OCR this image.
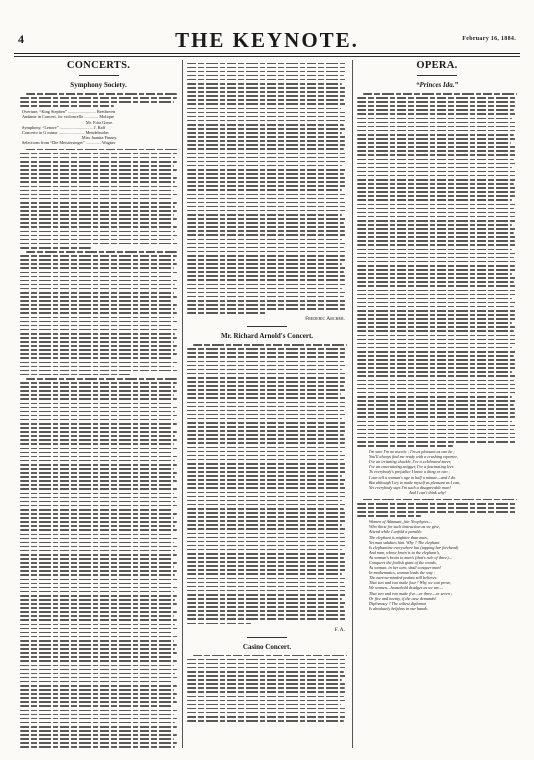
4	THE KEYNOTE.	February 16, 1884.
CONCERTS.
Symphony Society.
Overture, “King Stephen” .......................... Beethoven
Andante in Concert, for violoncello ............. Molique
Mr. Fritz Giese.
Symphony, “Lenore” ............................... J. Raff
Concerto in G minor ........................ Mendelssohn
Miss Juanita Finney.
Selections from “Die Meistersinger” .............. Wagner
Frederic Archer.
Mr. Richard Arnold's Concert.
F. A.
Casino Concert.
OPERA.
“Princes Ida.”
I'm sure I'm no ascetic ; I'm as pleasant as can be ;
You'll always find me ready with a crushing repartee,
I've an irritating chuckle, I've a celebrated sneer,
I've an entertaining snigger, I've a fascinating leer.
To everybody's prejudice I know a thing or two ;
I can tell a woman's age in half a minute—and I do.
But although I try to make myself as pleasant as I can,
Yet everybody says I'm such a disagreeable man!
And I can't think why!
Women of Adamant, fair Neophytes—
Who thirst for such instruction as we give,
Attend while I unfold a parable.
The elephant is mightier than man,
Yet man subdues him. Why ? The elephant
Is elephantine everywhere but (tapping her forehead)
And man, whose brain is to the elephant's,
As woman's brain to man's (that's rule of three)—
Conquers the foolish giant of the woods,
As woman, in her turn, shall conquer man!
In mathematics, woman leads the way :
The narrow-minded pedant still believes
That two and two make four ! Why we can prove,
We women—household drudges as we are—
That two and two make five—or three—or seven ;
Or five and twenty, if the case demands!
Diplomacy ? The wiliest diplomat
Is absolutely helpless in our hands.
